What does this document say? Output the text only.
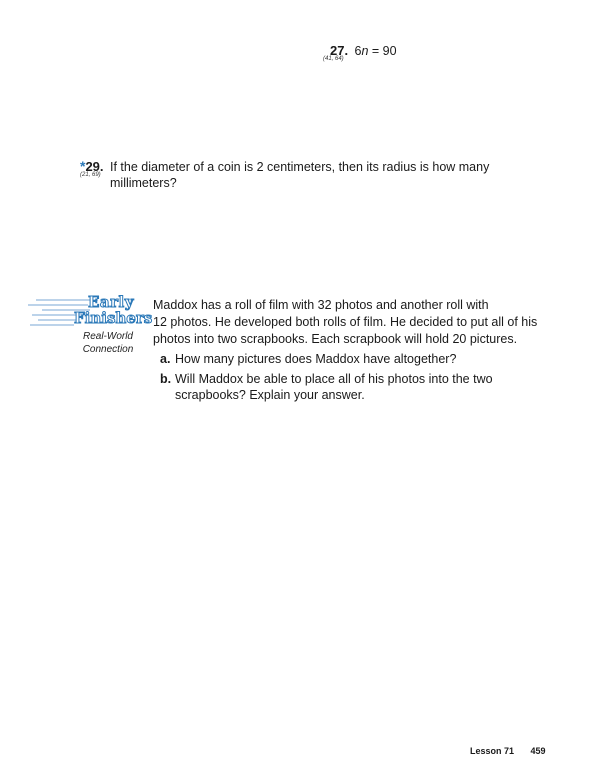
27. 6n = 90
(41, 64)
*29.
(21, 69)
If the diameter of a coin is 2 centimeters, then its radius is how many
millimeters?
Early
Finishers
Real-World
Connection
Maddox has a roll of film with 32 photos and another roll with
12 photos. He developed both rolls of film. He decided to put all of his
photos into two scrapbooks. Each scrapbook will hold 20 pictures.
a. How many pictures does Maddox have altogether?
b. Will Maddox be able to place all of his photos into the two
scrapbooks? Explain your answer.
Lesson 71 459
